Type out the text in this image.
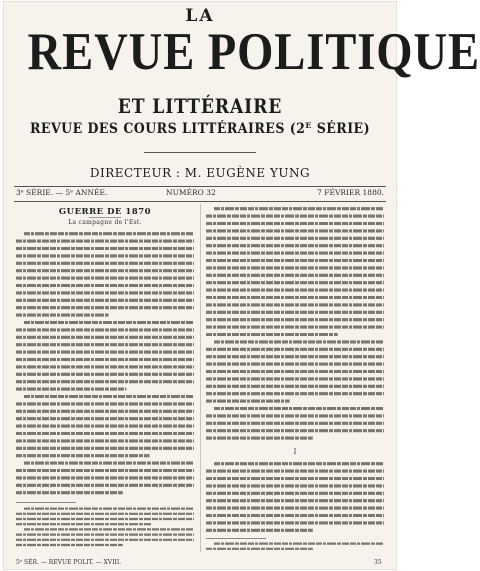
LA
REVUE POLITIQUE
ET LITTÉRAIRE
REVUE DES COURS LITTÉRAIRES (2ᴱ SÉRIE)
DIRECTEUR : M. EUGÈNE YUNG
3ᵉ SÉRIE. — 5ᵉ ANNÉE.	NUMÉRO 32	7 FÉVRIER 1880.
GUERRE DE 1870
La campagne de l'Est.
I
5ᵉ SÉR. — REVUE POLIT. — XVIII.	35
